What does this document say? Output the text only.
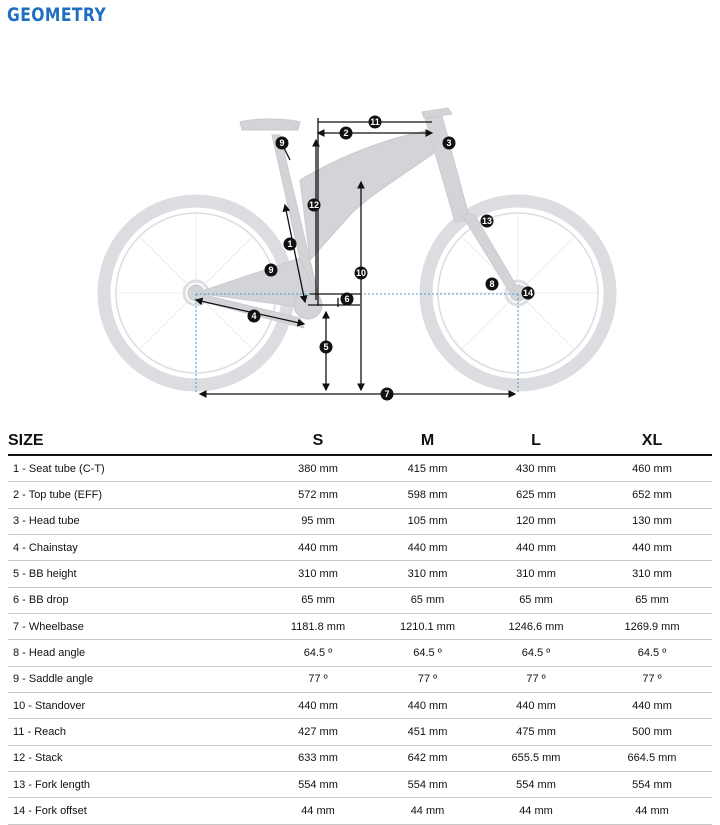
GEOMETRY
1
2
3
4
5
6
7
8
9
9
10
11
12
13
14
SIZE	S	M	L	XL
1 - Seat tube (C-T)	380 mm	415 mm	430 mm	460 mm
2 - Top tube (EFF)	572 mm	598 mm	625 mm	652 mm
3 - Head tube	95 mm	105 mm	120 mm	130 mm
4 - Chainstay	440 mm	440 mm	440 mm	440 mm
5 - BB height	310 mm	310 mm	310 mm	310 mm
6 - BB drop	65 mm	65 mm	65 mm	65 mm
7 - Wheelbase	1181.8 mm	1210.1 mm	1246.6 mm	1269.9 mm
8 - Head angle	64.5 º	64.5 º	64.5 º	64.5 º
9 - Saddle angle	77 º	77 º	77 º	77 º
10 - Standover	440 mm	440 mm	440 mm	440 mm
11 - Reach	427 mm	451 mm	475 mm	500 mm
12 - Stack	633 mm	642 mm	655.5 mm	664.5 mm
13 - Fork length	554 mm	554 mm	554 mm	554 mm
14 - Fork offset	44 mm	44 mm	44 mm	44 mm
